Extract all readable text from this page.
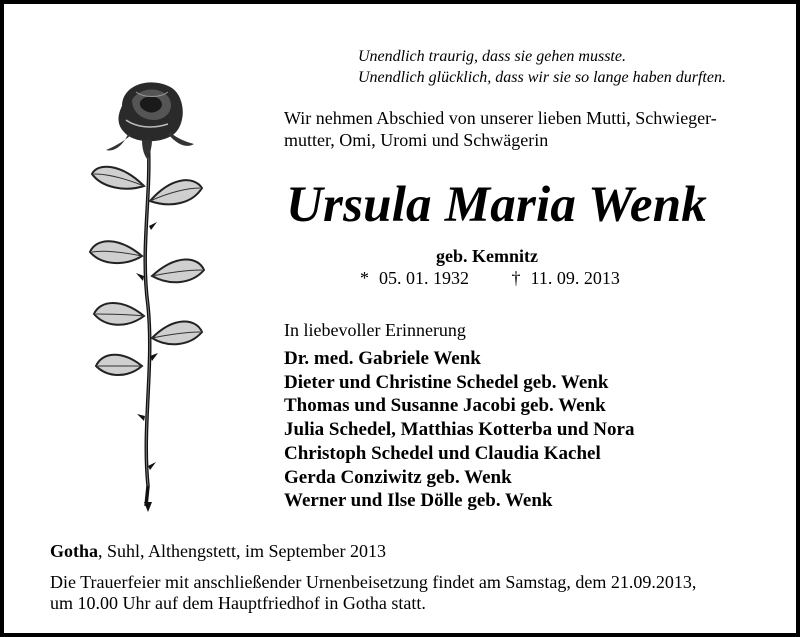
Unendlich traurig, dass sie gehen musste.
Unendlich glücklich, dass wir sie so lange haben durften.
Wir nehmen Abschied von unserer lieben Mutti, Schwieger-
mutter, Omi, Uromi und Schwägerin
Ursula Maria Wenk
geb. Kemnitz
* 05. 01. 1932 † 11. 09. 2013
In liebevoller Erinnerung
Dr. med. Gabriele Wenk
Dieter und Christine Schedel geb. Wenk
Thomas und Susanne Jacobi geb. Wenk
Julia Schedel, Matthias Kotterba und Nora
Christoph Schedel und Claudia Kachel
Gerda Conziwitz geb. Wenk
Werner und Ilse Dölle geb. Wenk
Gotha, Suhl, Althengstett, im September 2013
Die Trauerfeier mit anschließender Urnenbeisetzung findet am Samstag, dem 21.09.2013,
um 10.00 Uhr auf dem Hauptfriedhof in Gotha statt.
